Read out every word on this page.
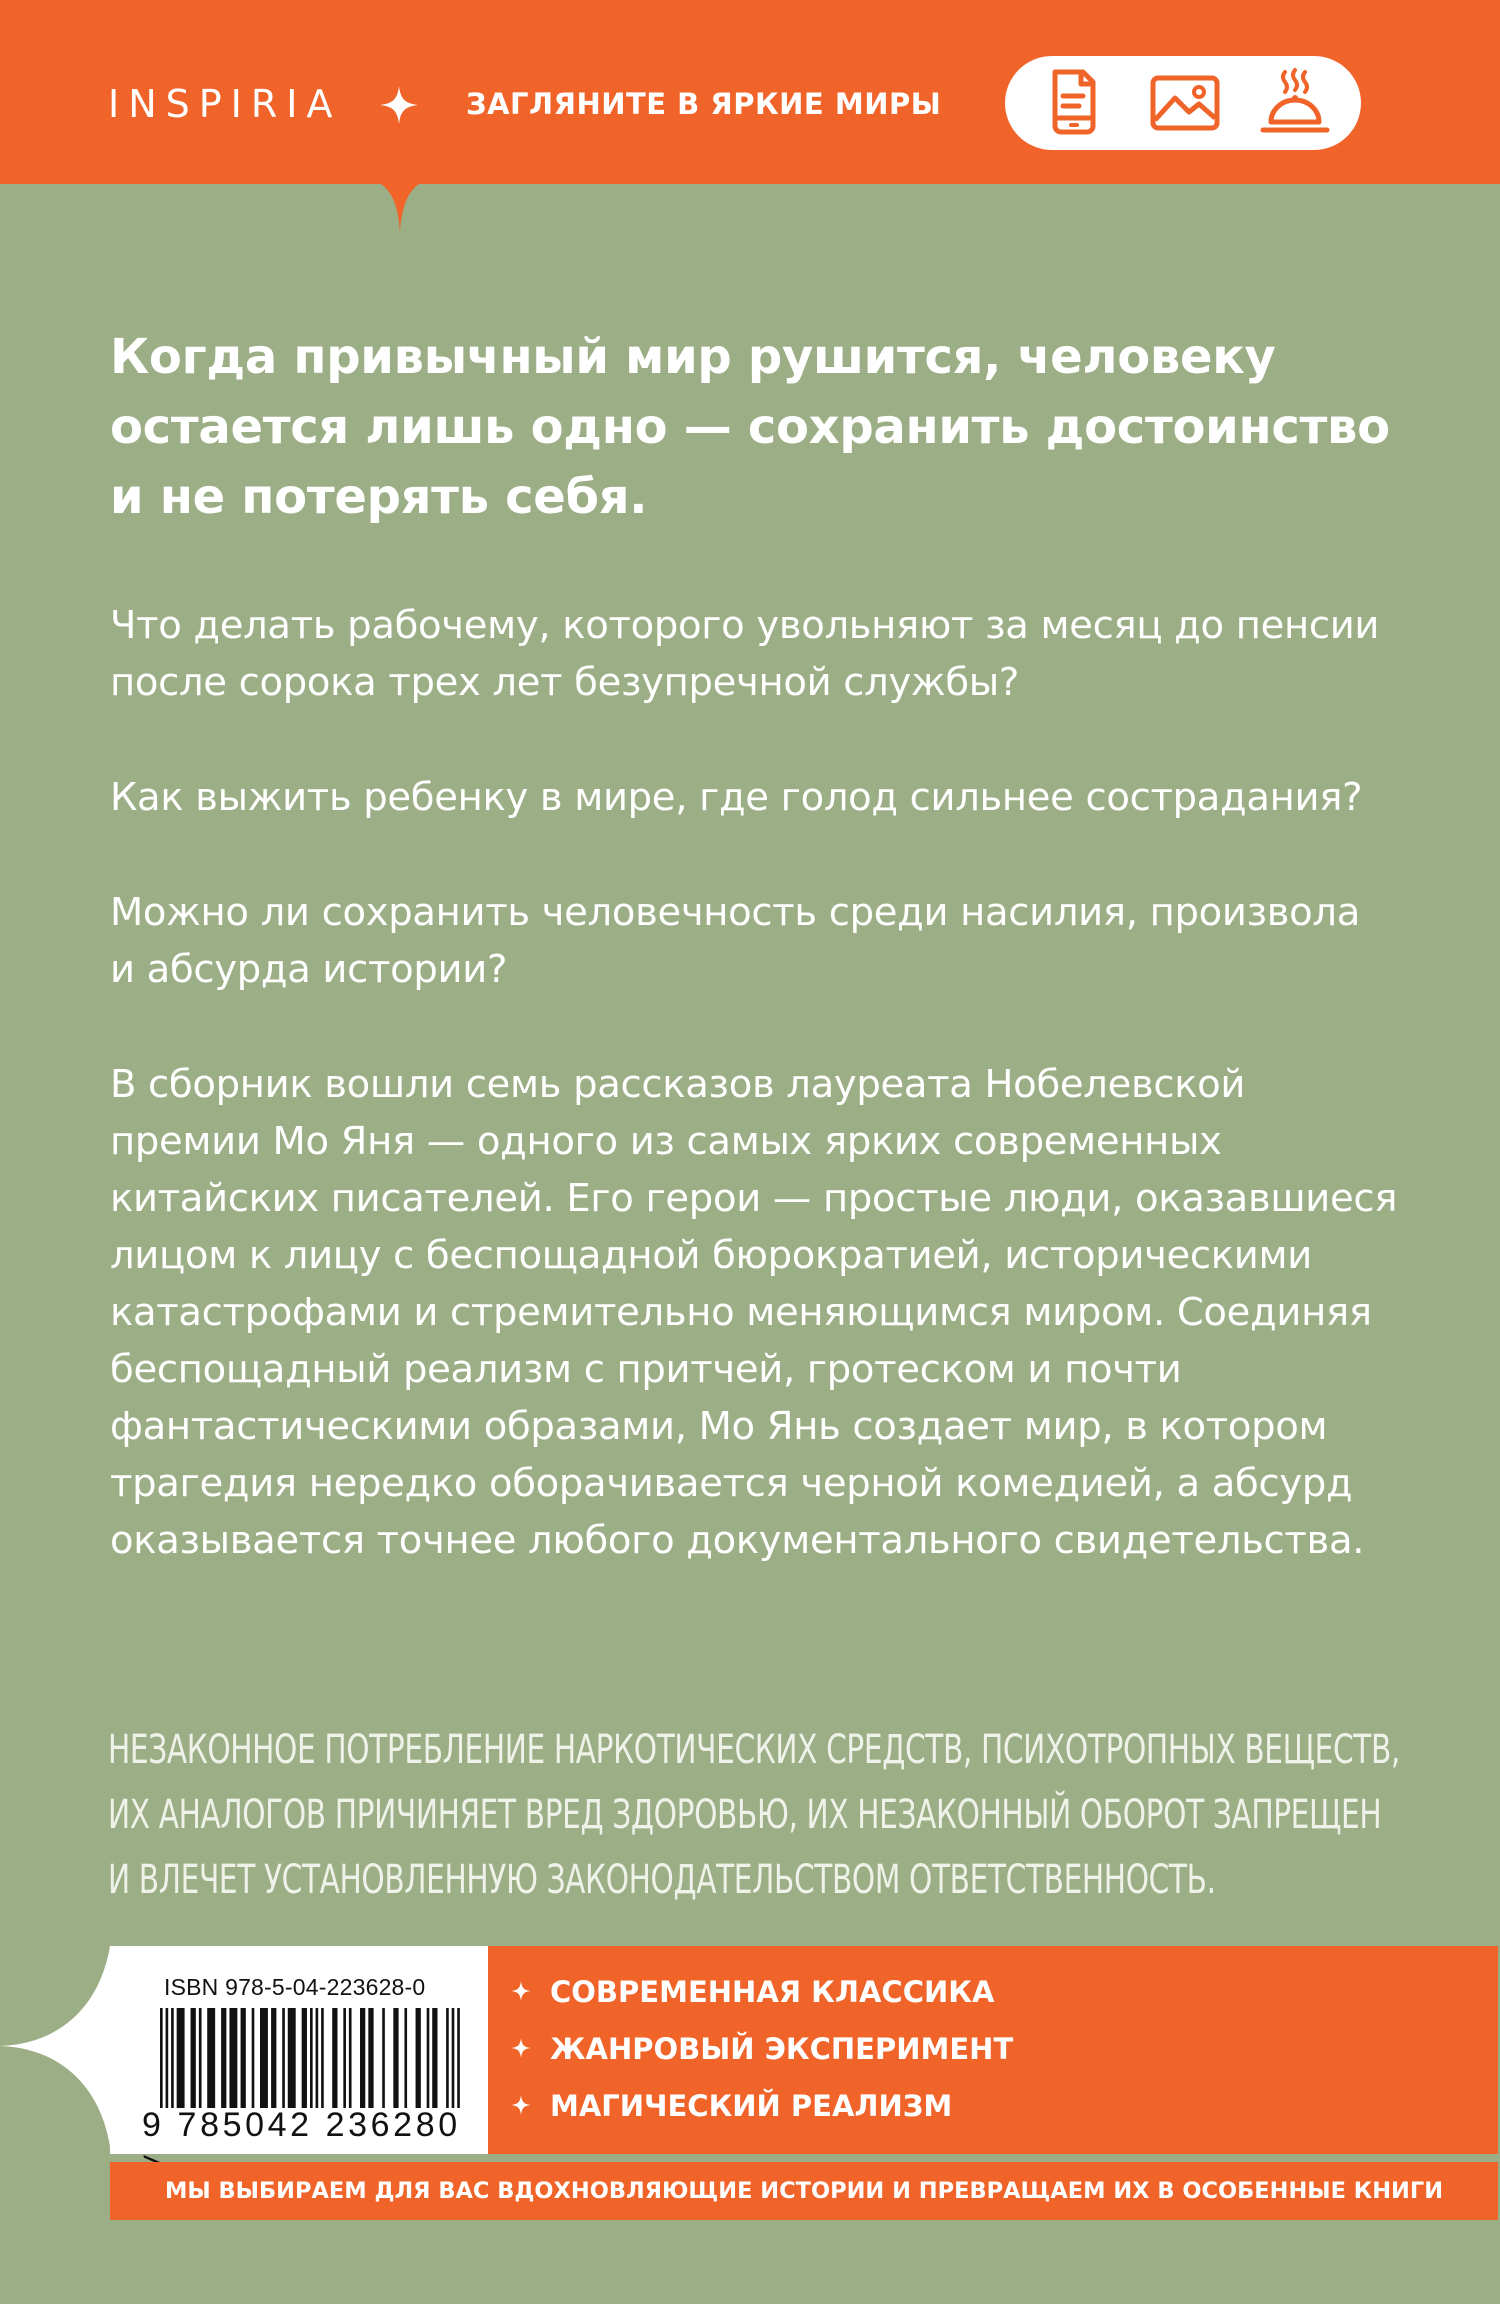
INSPIRIA	ЗАГЛЯНИТЕ В ЯРКИЕ МИРЫ
Когда привычный мир рушится, человеку
остается лишь одно — сохранить достоинство
и не потерять себя.
Что делать рабочему, которого увольняют за месяц до пенсии
после сорока трех лет безупречной службы?
Как выжить ребенку в мире, где голод сильнее сострадания?
Можно ли сохранить человечность среди насилия, произвола
и абсурда истории?
В сборник вошли семь рассказов лауреата Нобелевской
премии Мо Яня — одного из самых ярких современных
китайских писателей. Его герои — простые люди, оказавшиеся
лицом к лицу с беспощадной бюрократией, историческими
катастрофами и стремительно меняющимся миром. Соединяя
беспощадный реализм с притчей, гротеском и почти
фантастическими образами, Мо Янь создает мир, в котором
трагедия нередко оборачивается черной комедией, а абсурд
оказывается точнее любого документального свидетельства.
НЕЗАКОННОЕ ПОТРЕБЛЕНИЕ НАРКОТИЧЕСКИХ СРЕДСТВ, ПСИХОТРОПНЫХ ВЕЩЕСТВ,
ИХ АНАЛОГОВ ПРИЧИНЯЕТ ВРЕД ЗДОРОВЬЮ, ИХ НЕЗАКОННЫЙ ОБОРОТ ЗАПРЕЩЕН
И ВЛЕЧЕТ УСТАНОВЛЕННУЮ ЗАКОНОДАТЕЛЬСТВОМ ОТВЕТСТВЕННОСТЬ.
ISBN 978-5-04-223628-0
9 785042 236280
СОВРЕМЕННАЯ КЛАССИКА
ЖАНРОВЫЙ ЭКСПЕРИМЕНТ
МАГИЧЕСКИЙ РЕАЛИЗМ
МЫ ВЫБИРАЕМ ДЛЯ ВАС ВДОХНОВЛЯЮЩИЕ ИСТОРИИ И ПРЕВРАЩАЕМ ИХ В ОСОБЕННЫЕ КНИГИ
